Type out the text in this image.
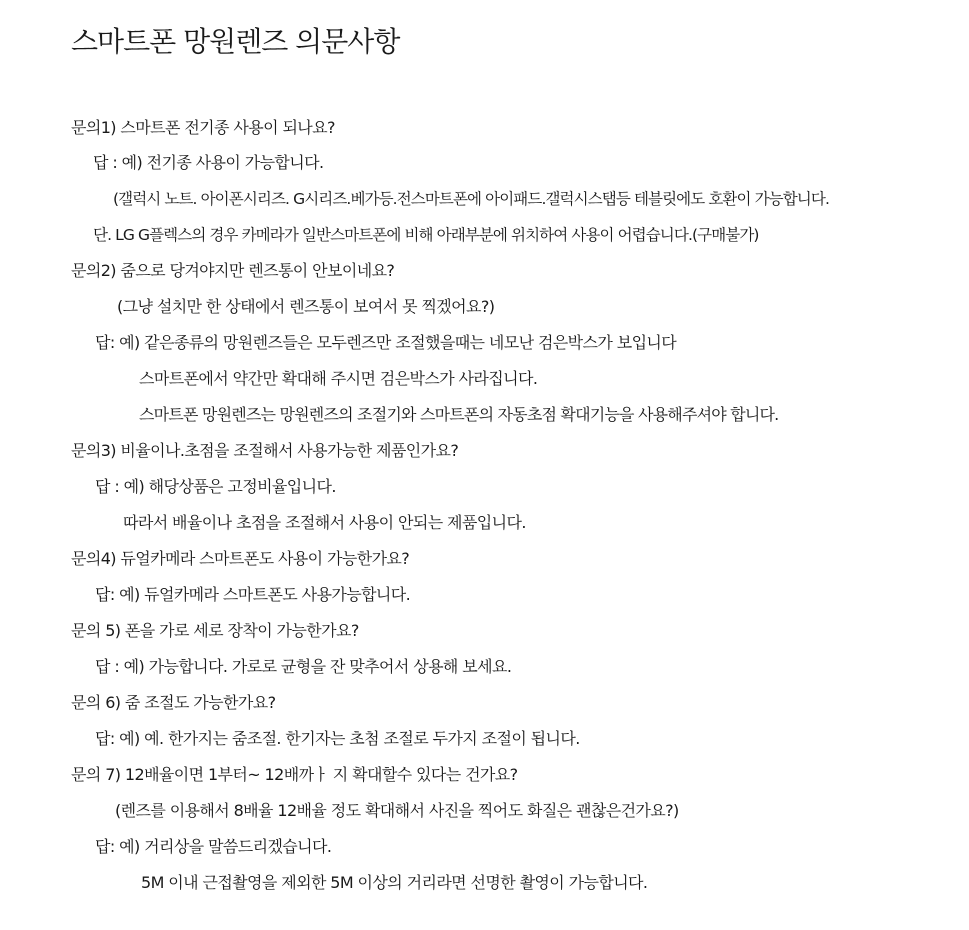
스마트폰 망원렌즈 의문사항
문의1) 스마트폰 전기종 사용이 되나요?
답 : 예) 전기종 사용이 가능합니다.
(갤럭시 노트. 아이폰시리즈. G시리즈.베가등.전스마트폰에 아이패드.갤럭시스탭등 테블릿에도 호환이 가능합니다.
단. LG G플렉스의 경우 카메라가 일반스마트폰에 비해 아래부분에 위치하여 사용이 어렵습니다.(구매불가)
문의2) 줌으로 당겨야지만 렌즈통이 안보이네요?
(그냥 설치만 한 상태에서 렌즈통이 보여서 못 찍겠어요?)
답: 예) 같은종류의 망원렌즈들은 모두렌즈만 조절했을때는 네모난 검은박스가 보입니다
스마트폰에서 약간만 확대해 주시면 검은박스가 사라집니다.
스마트폰 망원렌즈는 망원렌즈의 조절기와 스마트폰의 자동초점 확대기능을 사용해주셔야 합니다.
문의3) 비율이나.초점을 조절해서 사용가능한 제품인가요?
답 : 예) 해당상품은 고정비율입니다.
따라서 배율이나 초점을 조절해서 사용이 안되는 제품입니다.
문의4) 듀얼카메라 스마트폰도 사용이 가능한가요?
답: 예) 듀얼카메라 스마트폰도 사용가능합니다.
문의 5) 폰을 가로 세로 장착이 가능한가요?
답 : 예) 가능합니다. 가로로 균형을 잔 맞추어서 상용해 보세요.
문의 6) 줌 조절도 가능한가요?
답: 예) 예. 한가지는 줌조절. 한기자는 초첨 조절로 두가지 조절이 됩니다.
문의 7) 12배율이면 1부터~ 12배까ㅏ 지 확대할수 있다는 건가요?
(렌즈를 이용해서 8배율 12배율 정도 확대해서 사진을 찍어도 화질은 괜찮은건가요?)
답: 예) 거리상을 말씀드리겠습니다.
5M 이내 근접촬영을 제외한 5M 이상의 거리라면 선명한 촬영이 가능합니다.
